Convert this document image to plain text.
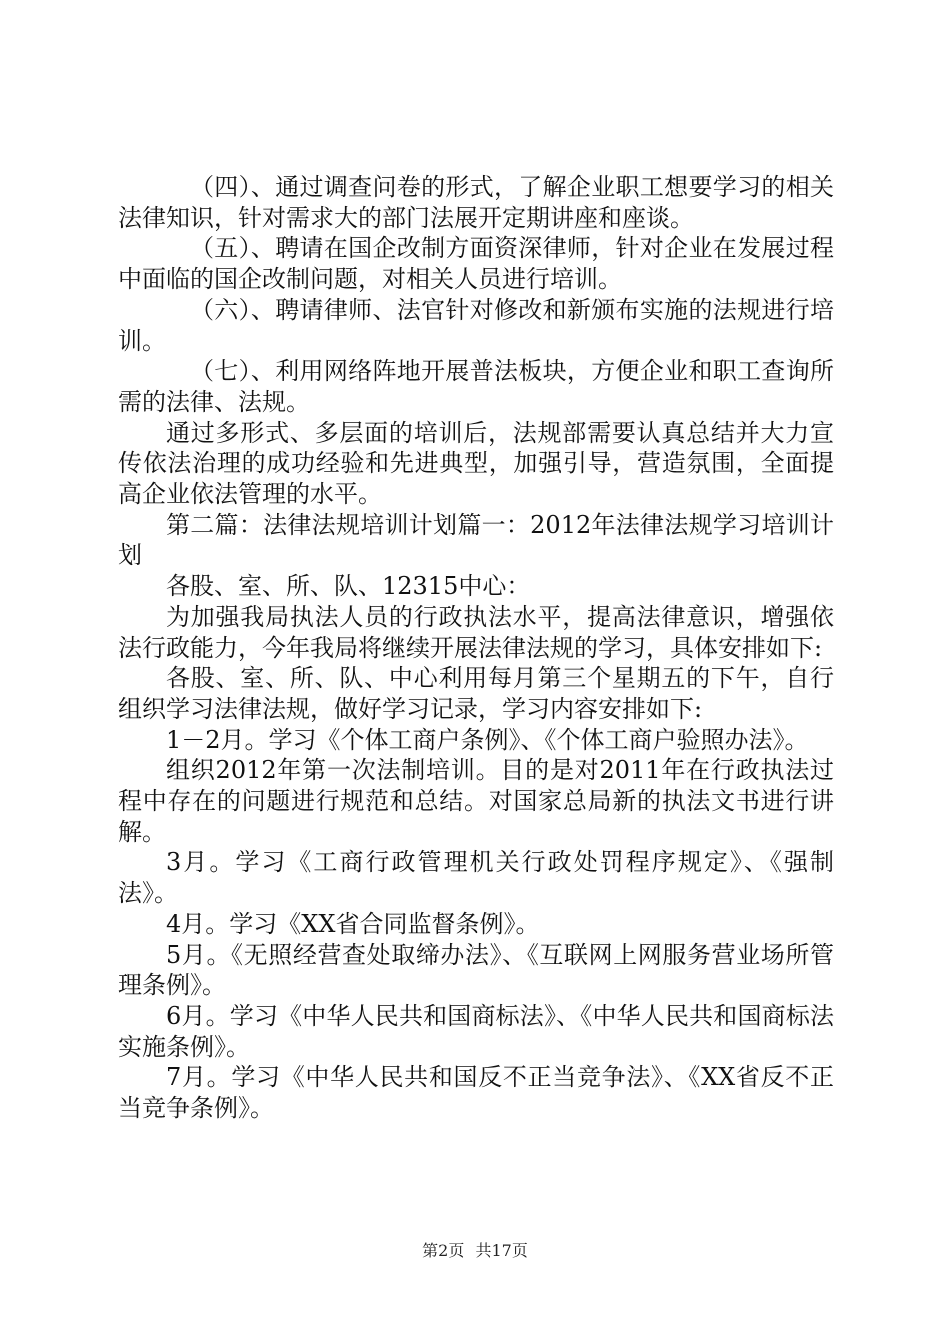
（四）、通过调查问卷的形式，了解企业职工想要学习的相关法律知识，针对需求大的部门法展开定期讲座和座谈。

（五）、聘请在国企改制方面资深律师，针对企业在发展过程中面临的国企改制问题，对相关人员进行培训。

（六）、聘请律师、法官针对修改和新颁布实施的法规进行培训。

（七）、利用网络阵地开展普法板块，方便企业和职工查询所需的法律、法规。

通过多形式、多层面的培训后，法规部需要认真总结并大力宣传依法治理的成功经验和先进典型，加强引导，营造氛围，全面提高企业依法管理的水平。

第二篇：法律法规培训计划篇一：2012年法律法规学习培训计划

各股、室、所、队、12315中心：

为加强我局执法人员的行政执法水平，提高法律意识，增强依法行政能力，今年我局将继续开展法律法规的学习，具体安排如下:

各股、室、所、队、中心利用每月第三个星期五的下午，自行组织学习法律法规，做好学习记录，学习内容安排如下:

1－2月。学习《个体工商户条例》、《个体工商户验照办法》。

组织2012年第一次法制培训。目的是对2011年在行政执法过程中存在的问题进行规范和总结。对国家总局新的执法文书进行讲解。

3月。学习《工商行政管理机关行政处罚程序规定》、《强制法》。

4月。学习《XX省合同监督条例》。

5月。《无照经营查处取缔办法》、《互联网上网服务营业场所管理条例》。

6月。学习《中华人民共和国商标法》、《中华人民共和国商标法实施条例》。

7月。学习《中华人民共和国反不正当竞争法》、《XX省反不正当竞争条例》。

第2页 共17页
